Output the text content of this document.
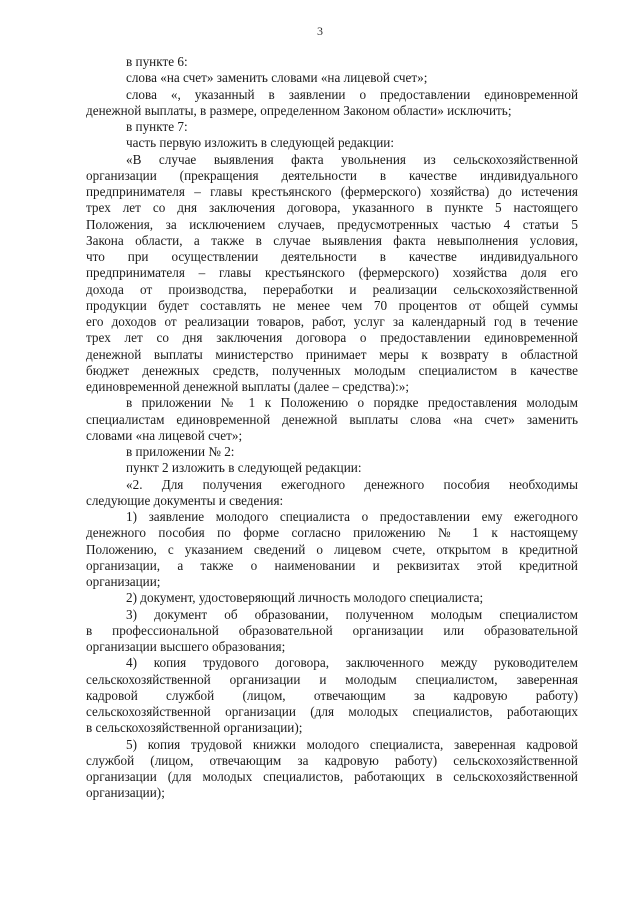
3

в пункте 6:

слова «на счет» заменить словами «на лицевой счет»;

слова «, указанный в заявлении о предоставлении единовременной

денежной выплаты, в размере, определенном Законом области» исключить;

в пункте 7:

часть первую изложить в следующей редакции:

«В случае выявления факта увольнения из сельскохозяйственной

организации (прекращения деятельности в качестве индивидуального

предпринимателя – главы крестьянского (фермерского) хозяйства) до истечения

трех лет со дня заключения договора, указанного в пункте 5 настоящего

Положения, за исключением случаев, предусмотренных частью 4 статьи 5

Закона области, а также в случае выявления факта невыполнения условия,

что при осуществлении деятельности в качестве индивидуального

предпринимателя – главы крестьянского (фермерского) хозяйства доля его

дохода от производства, переработки и реализации сельскохозяйственной

продукции будет составлять не менее чем 70 процентов от общей суммы

его доходов от реализации товаров, работ, услуг за календарный год в течение

трех лет со дня заключения договора о предоставлении единовременной

денежной выплаты министерство принимает меры к возврату в областной

бюджет денежных средств, полученных молодым специалистом в качестве

единовременной денежной выплаты (далее – средства):»;

в приложении № 1 к Положению о порядке предоставления молодым

специалистам единовременной денежной выплаты слова «на счет» заменить

словами «на лицевой счет»;

в приложении № 2:

пункт 2 изложить в следующей редакции:

«2. Для получения ежегодного денежного пособия необходимы

следующие документы и сведения:

1) заявление молодого специалиста о предоставлении ему ежегодного

денежного пособия по форме согласно приложению № 1 к настоящему

Положению, с указанием сведений о лицевом счете, открытом в кредитной

организации, а также о наименовании и реквизитах этой кредитной

организации;

2) документ, удостоверяющий личность молодого специалиста;

3) документ об образовании, полученном молодым специалистом

в профессиональной образовательной организации или образовательной

организации высшего образования;

4) копия трудового договора, заключенного между руководителем

сельскохозяйственной организации и молодым специалистом, заверенная

кадровой службой (лицом, отвечающим за кадровую работу)

сельскохозяйственной организации (для молодых специалистов, работающих

в сельскохозяйственной организации);

5) копия трудовой книжки молодого специалиста, заверенная кадровой

службой (лицом, отвечающим за кадровую работу) сельскохозяйственной

организации (для молодых специалистов, работающих в сельскохозяйственной

организации);
